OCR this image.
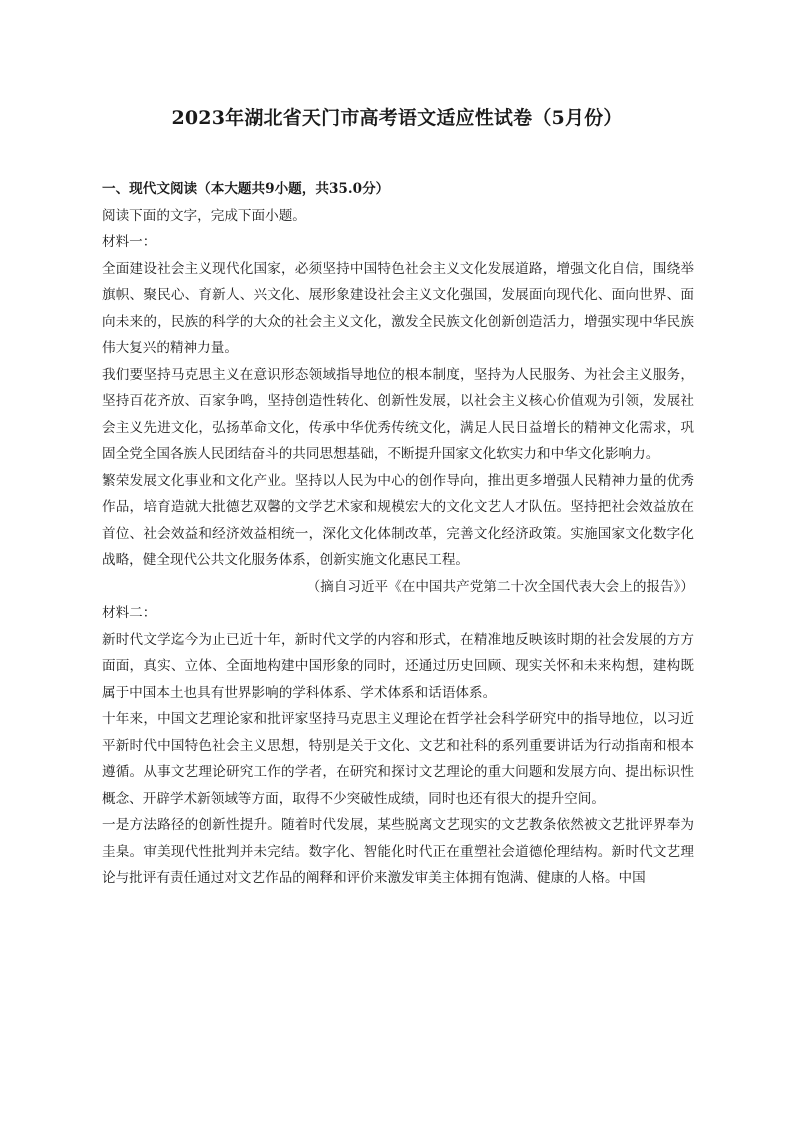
2023年湖北省天门市高考语文适应性试卷（5月份）

一、现代文阅读（本大题共9小题，共35.0分）

阅读下面的文字，完成下面小题。

材料一：

全面建设社会主义现代化国家，必须坚持中国特色社会主义文化发展道路，增强文化自信，围绕举旗帜、聚民心、育新人、兴文化、展形象建设社会主义文化强国，发展面向现代化、面向世界、面向未来的，民族的科学的大众的社会主义文化，激发全民族文化创新创造活力，增强实现中华民族伟大复兴的精神力量。

我们要坚持马克思主义在意识形态领域指导地位的根本制度，坚持为人民服务、为社会主义服务，坚持百花齐放、百家争鸣，坚持创造性转化、创新性发展，以社会主义核心价值观为引领，发展社会主义先进文化，弘扬革命文化，传承中华优秀传统文化，满足人民日益增长的精神文化需求，巩固全党全国各族人民团结奋斗的共同思想基础，不断提升国家文化软实力和中华文化影响力。

繁荣发展文化事业和文化产业。坚持以人民为中心的创作导向，推出更多增强人民精神力量的优秀作品，培育造就大批德艺双馨的文学艺术家和规模宏大的文化文艺人才队伍。坚持把社会效益放在首位、社会效益和经济效益相统一，深化文化体制改革，完善文化经济政策。实施国家文化数字化战略，健全现代公共文化服务体系，创新实施文化惠民工程。

（摘自习近平《在中国共产党第二十次全国代表大会上的报告》）

材料二：

新时代文学迄今为止已近十年，新时代文学的内容和形式，在精准地反映该时期的社会发展的方方面面，真实、立体、全面地构建中国形象的同时，还通过历史回顾、现实关怀和未来构想，建构既属于中国本土也具有世界影响的学科体系、学术体系和话语体系。

十年来，中国文艺理论家和批评家坚持马克思主义理论在哲学社会科学研究中的指导地位，以习近平新时代中国特色社会主义思想，特别是关于文化、文艺和社科的系列重要讲话为行动指南和根本遵循。从事文艺理论研究工作的学者，在研究和探讨文艺理论的重大问题和发展方向、提出标识性概念、开辟学术新领域等方面，取得不少突破性成绩，同时也还有很大的提升空间。

一是方法路径的创新性提升。随着时代发展，某些脱离文艺现实的文艺教条依然被文艺批评界奉为圭臬。审美现代性批判并未完结。数字化、智能化时代正在重塑社会道德伦理结构。新时代文艺理论与批评有责任通过对文艺作品的阐释和评价来激发审美主体拥有饱满、健康的人格。中国
